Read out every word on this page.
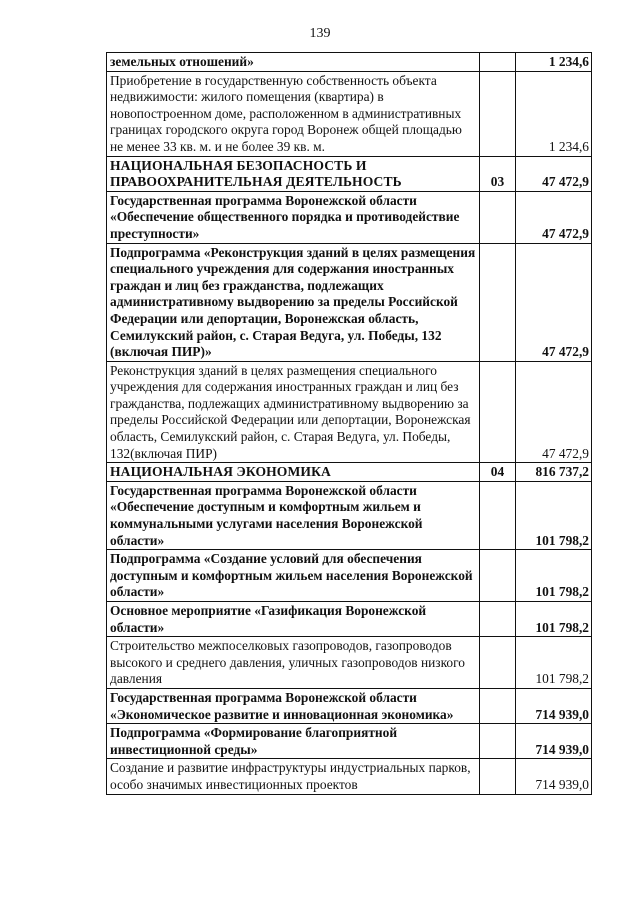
139
земельных отношений»		1 234,6
Приобретение в государственную собственность объекта недвижимости: жилого помещения (квартира) в новопостроенном доме, расположенном в административных границах городского округа город Воронеж общей площадью не менее 33 кв. м. и не более 39 кв. м.		1 234,6
НАЦИОНАЛЬНАЯ БЕЗОПАСНОСТЬ И ПРАВООХРАНИТЕЛЬНАЯ ДЕЯТЕЛЬНОСТЬ	03	47 472,9
Государственная программа Воронежской области «Обеспечение общественного порядка и противодействие преступности»		47 472,9
Подпрограмма «Реконструкция зданий в целях размещения специального учреждения для содержания иностранных граждан и лиц без гражданства, подлежащих административному выдворению за пределы Российской Федерации или депортации, Воронежская область, Семилукский район, с. Старая Ведуга, ул. Победы, 132 (включая ПИР)»		47 472,9
Реконструкция зданий в целях размещения специального учреждения для содержания иностранных граждан и лиц без гражданства, подлежащих административному выдворению за пределы Российской Федерации или депортации, Воронежская область, Семилукский район, с. Старая Ведуга, ул. Победы, 132(включая ПИР)		47 472,9
НАЦИОНАЛЬНАЯ ЭКОНОМИКА	04	816 737,2
Государственная программа Воронежской области «Обеспечение доступным и комфортным жильем и коммунальными услугами населения Воронежской области»		101 798,2
Подпрограмма «Создание условий для обеспечения доступным и комфортным жильем населения Воронежской области»		101 798,2
Основное мероприятие «Газификация Воронежской области»		101 798,2
Строительство межпоселковых газопроводов, газопроводов высокого и среднего давления, уличных газопроводов низкого давления		101 798,2
Государственная программа Воронежской области «Экономическое развитие и инновационная экономика»		714 939,0
Подпрограмма «Формирование благоприятной инвестиционной среды»		714 939,0
Создание и развитие инфраструктуры индустриальных парков, особо значимых инвестиционных проектов		714 939,0
